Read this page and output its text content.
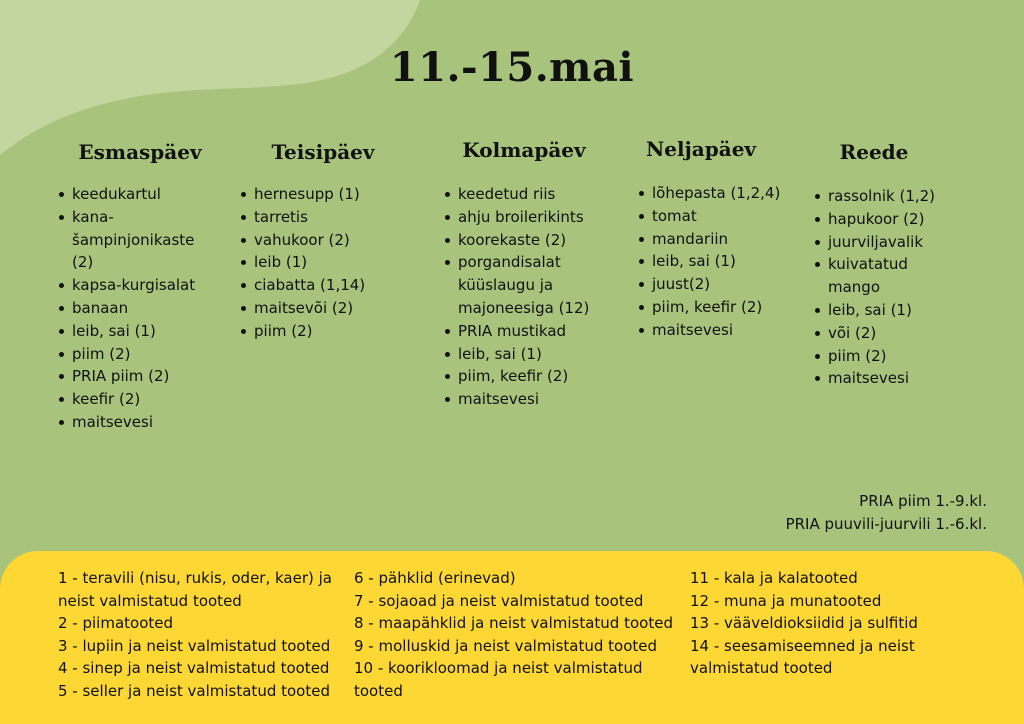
11.-15.mai
Esmaspäev
keedukartul
kana-šampinjonikaste (2)
kapsa-kurgisalat
banaan
leib, sai (1)
piim (2)
PRIA piim (2)
keefir (2)
maitsevesi
Teisipäev
hernesupp (1)
tarretis
vahukoor (2)
leib (1)
ciabatta (1,14)
maitsevõi (2)
piim (2)
Kolmapäev
keedetud riis
ahju broilerikints
koorekaste (2)
porgandisalat küüslaugu ja majoneesiga (12)
PRIA mustikad
leib, sai (1)
piim, keefir (2)
maitsevesi
Neljapäev
lõhepasta (1,2,4)
tomat
mandariin
leib, sai (1)
juust(2)
piim, keefir (2)
maitsevesi
Reede
rassolnik (1,2)
hapukoor (2)
juurviljavalik
kuivatatud mango
leib, sai (1)
või (2)
piim (2)
maitsevesi
PRIA piim 1.-9.kl.
PRIA puuvili-juurvili 1.-6.kl.
1 - teravili (nisu, rukis, oder, kaer) ja neist valmistatud tooted
2 - piimatooted
3 - lupiin ja neist valmistatud tooted
4 - sinep ja neist valmistatud tooted
5 - seller ja neist valmistatud tooted
6 - pähklid (erinevad)
7 - sojaoad ja neist valmistatud tooted
8 - maapähklid ja neist valmistatud tooted
9 - molluskid ja neist valmistatud tooted
10 - koorikloomad ja neist valmistatud tooted
11 - kala ja kalatooted
12 - muna ja munatooted
13 - vääveldioksiidid ja sulfitid
14 - seesamiseemned ja neist valmistatud tooted
